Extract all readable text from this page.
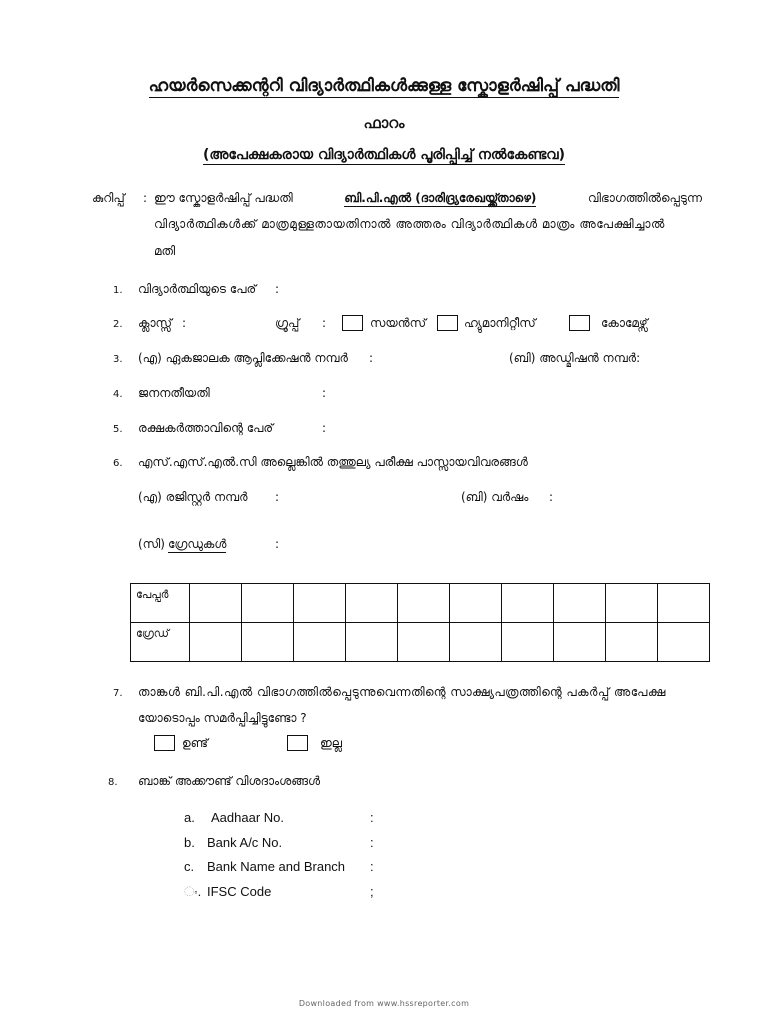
ഹയർസെക്കന്ററി വിദ്യാർത്ഥികൾക്കുള്ള സ്കോളർഷിപ്പ് പദ്ധതി
ഫാറം
(അപേക്ഷകരായ വിദ്യാർത്ഥികൾ പൂരിപ്പിച്ച് നൽകേണ്ടവ)
കുറിപ്പ് : ഈ സ്കോളർഷിപ്പ് പദ്ധതി	ബി.പി.എൽ (ദാരിദ്ര്യരേഖയ്ക്ക്താഴെ)	വിഭാഗത്തിൽപ്പെടുന്ന
വിദ്യാർത്ഥികൾക്ക് മാത്രമുള്ളതായതിനാൽ അത്തരം വിദ്യാർത്ഥികൾ മാത്രം അപേക്ഷിച്ചാൽ
മതി
1. വിദ്യാർത്ഥിയുടെ പേര് :
2. ക്ലാസ്സ് :	ഗ്രൂപ്പ് :	സയൻസ്	ഹ്യുമാനിറ്റീസ്	കോമേഴ്സ്
3. (എ) ഏകജാലക ആപ്ലിക്കേഷൻ നമ്പർ :	(ബി) അഡ്മിഷൻ നമ്പർ:
4. ജനനതീയതി	:
5. രക്ഷകർത്താവിന്റെ പേര്	:
6. എസ്.എസ്.എൽ.സി അല്ലെങ്കിൽ തത്തുല്യ പരീക്ഷ പാസ്സായവിവരങ്ങൾ
(എ) രജിസ്റ്റർ നമ്പർ :	(ബി) വർഷം :
(സി) ഗ്രേഡുകൾ	:
പേപ്പർ										
ഗ്രേഡ്										
7. താങ്കൾ ബി.പി.എൽ വിഭാഗത്തിൽപ്പെടുന്നുവെന്നതിന്റെ സാക്ഷ്യപത്രത്തിന്റെ പകർപ്പ് അപേക്ഷ
യോടൊപ്പം സമർപ്പിച്ചിട്ടുണ്ടോ ?
ഉണ്ട്	ഇല്ല
8. ബാങ്ക് അക്കൗണ്ട് വിശദാംശങ്ങൾ
a. Aadhaar No.	:
b. Bank A/c No.	:
c. Bank Name and Branch :
ං. IFSC Code	;
Downloaded from www.hssreporter.com
